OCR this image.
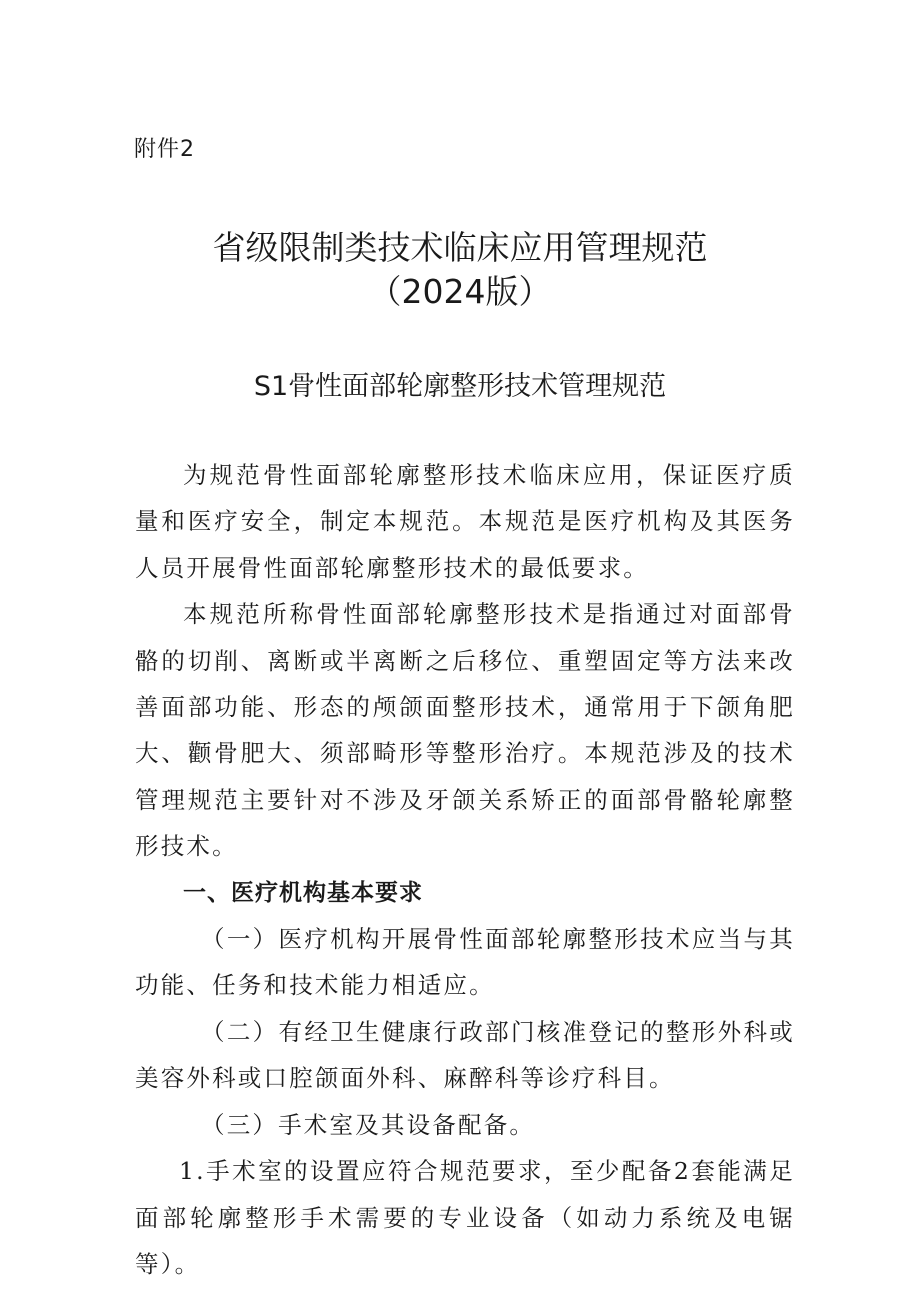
附件2
省级限制类技术临床应用管理规范
（2024版）
S1骨性面部轮廓整形技术管理规范

为规范骨性面部轮廓整形技术临床应用，保证医疗质量和医疗安全，制定本规范。本规范是医疗机构及其医务人员开展骨性面部轮廓整形技术的最低要求。

本规范所称骨性面部轮廓整形技术是指通过对面部骨骼的切削、离断或半离断之后移位、重塑固定等方法来改善面部功能、形态的颅颌面整形技术，通常用于下颌角肥大、颧骨肥大、须部畸形等整形治疗。本规范涉及的技术管理规范主要针对不涉及牙颌关系矫正的面部骨骼轮廓整形技术。

一、医疗机构基本要求

（一）医疗机构开展骨性面部轮廓整形技术应当与其功能、任务和技术能力相适应。

（二）有经卫生健康行政部门核准登记的整形外科或美容外科或口腔颌面外科、麻醉科等诊疗科目。

（三）手术室及其设备配备。

1.手术室的设置应符合规范要求，至少配备2套能满足面部轮廓整形手术需要的专业设备（如动力系统及电锯等）。
